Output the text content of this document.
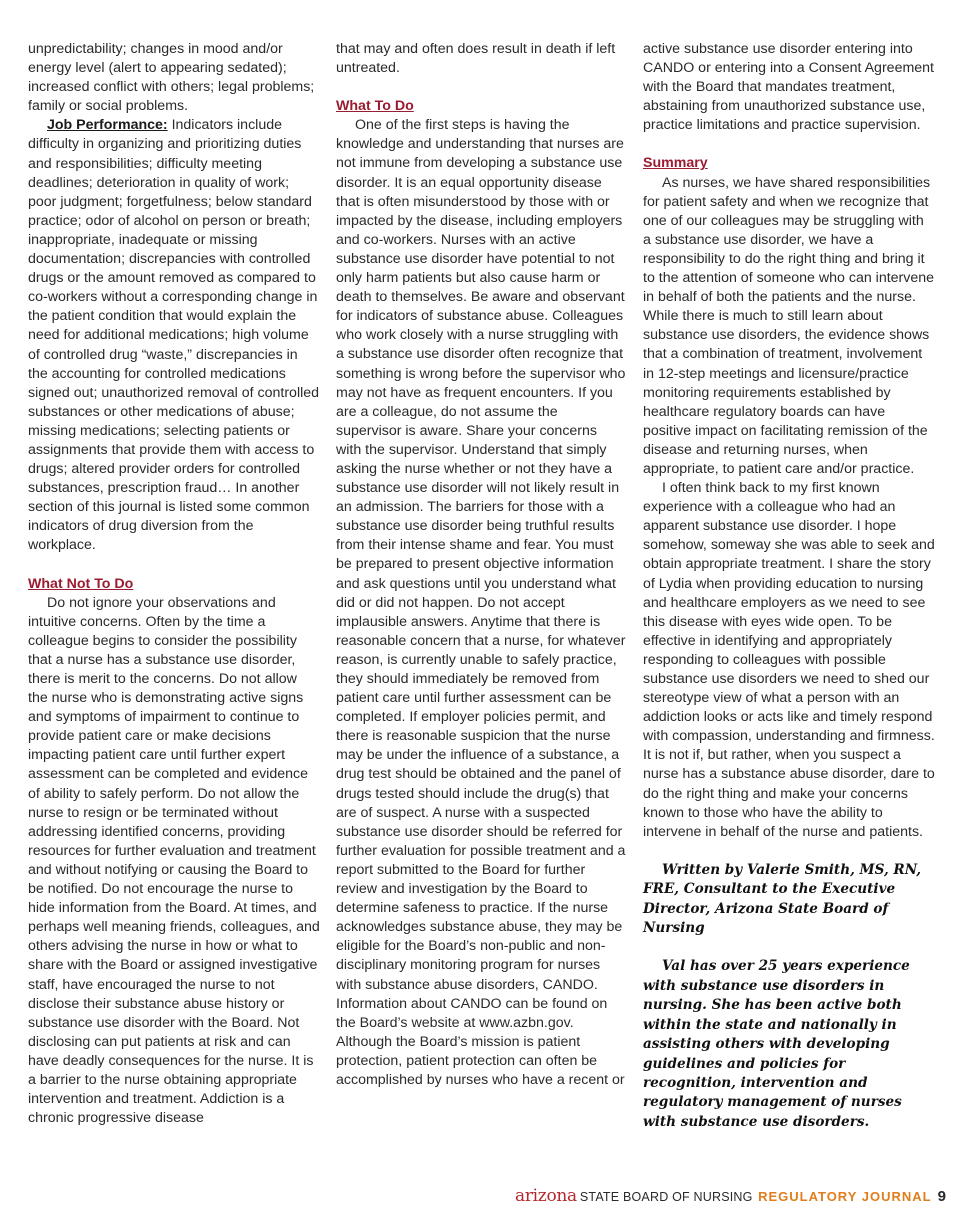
unpredictability; changes in mood and/or energy level (alert to appearing sedated); increased conflict with others; legal problems; family or social problems.

Job Performance: Indicators include difficulty in organizing and prioritizing duties and responsibilities; difficulty meeting deadlines; deterioration in quality of work; poor judgment; forgetfulness; below standard practice; odor of alcohol on person or breath; inappropriate, inadequate or missing documentation; discrepancies with controlled drugs or the amount removed as compared to co-workers without a corresponding change in the patient condition that would explain the need for additional medications; high volume of controlled drug “waste,” discrepancies in the accounting for controlled medications signed out; unauthorized removal of controlled substances or other medications of abuse; missing medications; selecting patients or assignments that provide them with access to drugs; altered provider orders for controlled substances, prescription fraud… In another section of this journal is listed some common indicators of drug diversion from the workplace.

What Not To Do

Do not ignore your observations and intuitive concerns. Often by the time a colleague begins to consider the possibility that a nurse has a substance use disorder, there is merit to the concerns. Do not allow the nurse who is demonstrating active signs and symptoms of impairment to continue to provide patient care or make decisions impacting patient care until further expert assessment can be completed and evidence of ability to safely perform. Do not allow the nurse to resign or be terminated without addressing identified concerns, providing resources for further evaluation and treatment and without notifying or causing the Board to be notified. Do not encourage the nurse to hide information from the Board. At times, and perhaps well meaning friends, colleagues, and others advising the nurse in how or what to share with the Board or assigned investigative staff, have encouraged the nurse to not disclose their substance abuse history or substance use disorder with the Board. Not disclosing can put patients at risk and can have deadly consequences for the nurse. It is a barrier to the nurse obtaining appropriate intervention and treatment. Addiction is a chronic progressive disease

that may and often does result in death if left untreated.

What To Do

One of the first steps is having the knowledge and understanding that nurses are not immune from developing a substance use disorder. It is an equal opportunity disease that is often misunderstood by those with or impacted by the disease, including employers and co-workers. Nurses with an active substance use disorder have potential to not only harm patients but also cause harm or death to themselves. Be aware and observant for indicators of substance abuse. Colleagues who work closely with a nurse struggling with a substance use disorder often recognize that something is wrong before the supervisor who may not have as frequent encounters. If you are a colleague, do not assume the supervisor is aware. Share your concerns with the supervisor. Understand that simply asking the nurse whether or not they have a substance use disorder will not likely result in an admission. The barriers for those with a substance use disorder being truthful results from their intense shame and fear. You must be prepared to present objective information and ask questions until you understand what did or did not happen. Do not accept implausible answers. Anytime that there is reasonable concern that a nurse, for whatever reason, is currently unable to safely practice, they should immediately be removed from patient care until further assessment can be completed. If employer policies permit, and there is reasonable suspicion that the nurse may be under the influence of a substance, a drug test should be obtained and the panel of drugs tested should include the drug(s) that are of suspect. A nurse with a suspected substance use disorder should be referred for further evaluation for possible treatment and a report submitted to the Board for further review and investigation by the Board to determine safeness to practice. If the nurse acknowledges substance abuse, they may be eligible for the Board’s non-public and non-disciplinary monitoring program for nurses with substance abuse disorders, CANDO. Information about CANDO can be found on the Board’s website at www.azbn.gov. Although the Board’s mission is patient protection, patient protection can often be accomplished by nurses who have a recent or

active substance use disorder entering into CANDO or entering into a Consent Agreement with the Board that mandates treatment, abstaining from unauthorized substance use, practice limitations and practice supervision.

Summary

As nurses, we have shared responsibilities for patient safety and when we recognize that one of our colleagues may be struggling with a substance use disorder, we have a responsibility to do the right thing and bring it to the attention of someone who can intervene in behalf of both the patients and the nurse. While there is much to still learn about substance use disorders, the evidence shows that a combination of treatment, involvement in 12-step meetings and licensure/practice monitoring requirements established by healthcare regulatory boards can have positive impact on facilitating remission of the disease and returning nurses, when appropriate, to patient care and/or practice.

I often think back to my first known experience with a colleague who had an apparent substance use disorder. I hope somehow, someway she was able to seek and obtain appropriate treatment. I share the story of Lydia when providing education to nursing and healthcare employers as we need to see this disease with eyes wide open. To be effective in identifying and appropriately responding to colleagues with possible substance use disorders we need to shed our stereotype view of what a person with an addiction looks or acts like and timely respond with compassion, understanding and firmness. It is not if, but rather, when you suspect a nurse has a substance abuse disorder, dare to do the right thing and make your concerns known to those who have the ability to intervene in behalf of the nurse and patients.

Written by Valerie Smith, MS, RN, FRE, Consultant to the Executive Director, Arizona State Board of Nursing

Val has over 25 years experience with substance use disorders in nursing. She has been active both within the state and nationally in assisting others with developing guidelines and policies for recognition, intervention and regulatory management of nurses with substance use disorders.

arizona STATE BOARD OF NURSING REGULATORY JOURNAL 9
